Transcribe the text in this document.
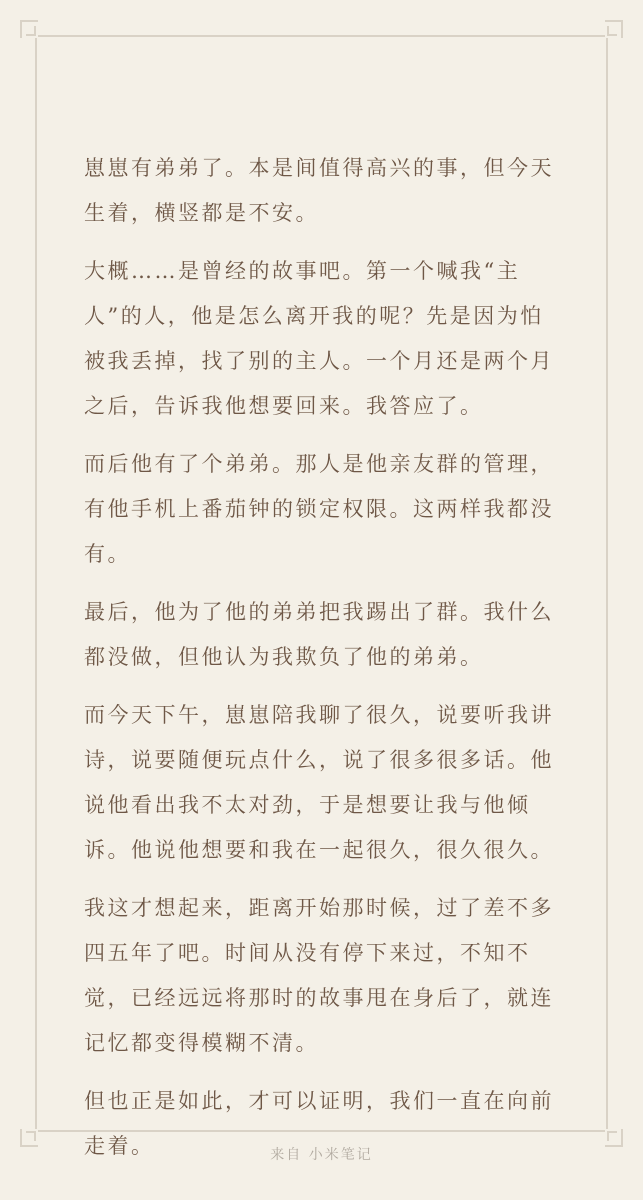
崽崽有弟弟了。本是间值得高兴的事，但今天生着，横竖都是不安。

大概……是曾经的故事吧。第一个喊我“主人”的人，他是怎么离开我的呢？先是因为怕被我丢掉，找了别的主人。一个月还是两个月之后，告诉我他想要回来。我答应了。

而后他有了个弟弟。那人是他亲友群的管理，有他手机上番茄钟的锁定权限。这两样我都没有。

最后，他为了他的弟弟把我踢出了群。我什么都没做，但他认为我欺负了他的弟弟。

而今天下午，崽崽陪我聊了很久，说要听我讲诗，说要随便玩点什么，说了很多很多话。他说他看出我不太对劲，于是想要让我与他倾诉。他说他想要和我在一起很久，很久很久。

我这才想起来，距离开始那时候，过了差不多四五年了吧。时间从没有停下来过，不知不觉，已经远远将那时的故事甩在身后了，就连记忆都变得模糊不清。

但也正是如此，才可以证明，我们一直在向前走着。	来自 小米笔记
